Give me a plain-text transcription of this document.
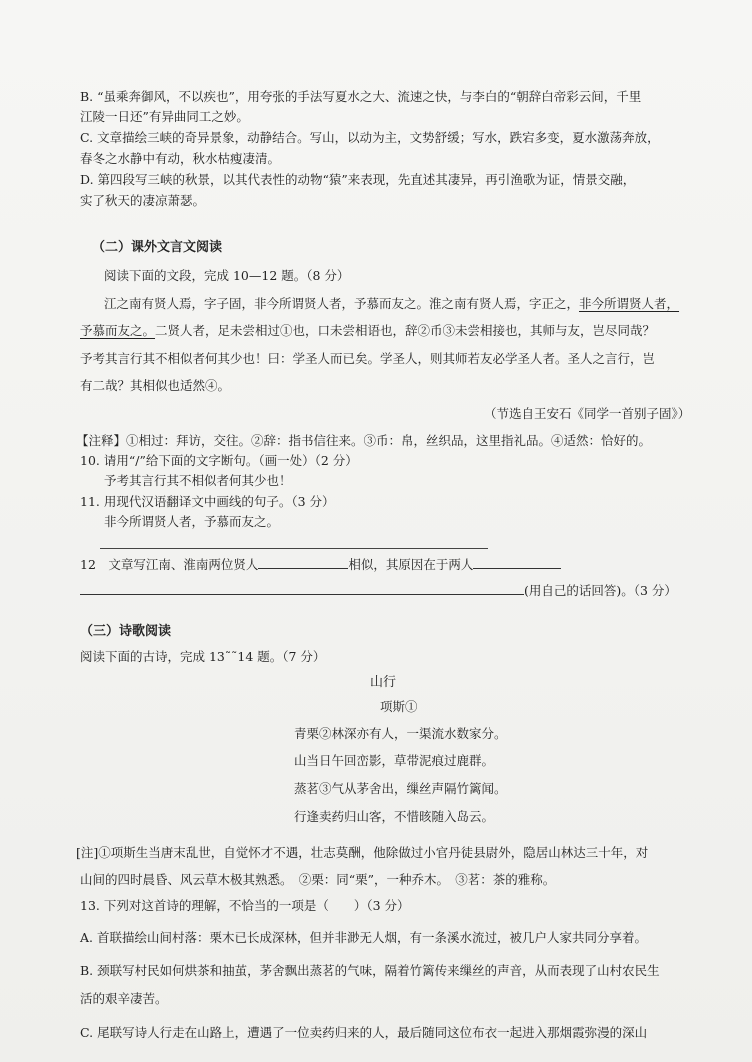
B. “虽乘奔御风，不以疾也”，用夸张的手法写夏水之大、流速之快，与李白的“朝辞白帝彩云间，千里
江陵一日还”有异曲同工之妙。
C. 文章描绘三峡的奇异景象，动静结合。写山，以动为主，文势舒缓；写水，跌宕多变，夏水激荡奔放，
春冬之水静中有动，秋水枯瘦凄清。
D. 第四段写三峡的秋景，以其代表性的动物“猿”来表现，先直述其凄异，再引渔歌为证，情景交融，
实了秋天的凄凉萧瑟。
（二）课外文言文阅读
阅读下面的文段，完成 10—12 题。（8 分）
江之南有贤人焉，字子固，非今所谓贤人者，予慕而友之。淮之南有贤人焉，字正之，非今所谓贤人者，
予慕而友之。二贤人者，足未尝相过①也，口未尝相语也，辞②币③未尝相接也，其师与友，岂尽同哉？
予考其言行其不相似者何其少也！曰：学圣人而已矣。学圣人，则其师若友必学圣人者。圣人之言行，岂
有二哉？其相似也适然④。
（节选自王安石《同学一首别子固》）
【注释】①相过：拜访，交往。②辞：指书信往来。③币：帛，丝织品，这里指礼品。④适然：恰好的。
10. 请用“/”给下面的文字断句。（画一处）（2 分）
予考其言行其不相似者何其少也！
11. 用现代汉语翻译文中画线的句子。（3 分）
非今所谓贤人者，予慕而友之。
12　文章写江南、淮南两位贤人	相似，其原因在于两人
(用自己的话回答)。（3 分）
（三）诗歌阅读
阅读下面的古诗，完成 13˜˜14 题。（7 分）
山行
项斯①
青栗②林深亦有人，一渠流水数家分。
山当日午回峦影，草带泥痕过鹿群。
蒸茗③气从茅舍出，缫丝声隔竹篱闻。
行逢卖药归山客，不惜晐随入岛云。
[注]①项斯生当唐末乱世，自觉怀才不遇，壮志莫酬，他除做过小官丹徒县尉外，隐居山林达三十年，对
山间的四时晨昏、风云草木极其熟悉。　②栗：同“栗”，一种乔木。　③茗：茶的雅称。
13. 下列对这首诗的理解，不恰当的一项是（　　）（3 分）
A. 首联描绘山间村落：栗木已长成深林，但并非渺无人烟，有一条溪水流过，被几户人家共同分享着。
B. 颈联写村民如何烘茶和抽茧，茅舍飘出蒸茗的气味，隔着竹篱传来缫丝的声音，从而表现了山村农民生
活的艰辛凄苦。
C. 尾联写诗人行走在山路上，遭遇了一位卖药归来的人，最后随同这位布衣一起进入那烟霞弥漫的深山
